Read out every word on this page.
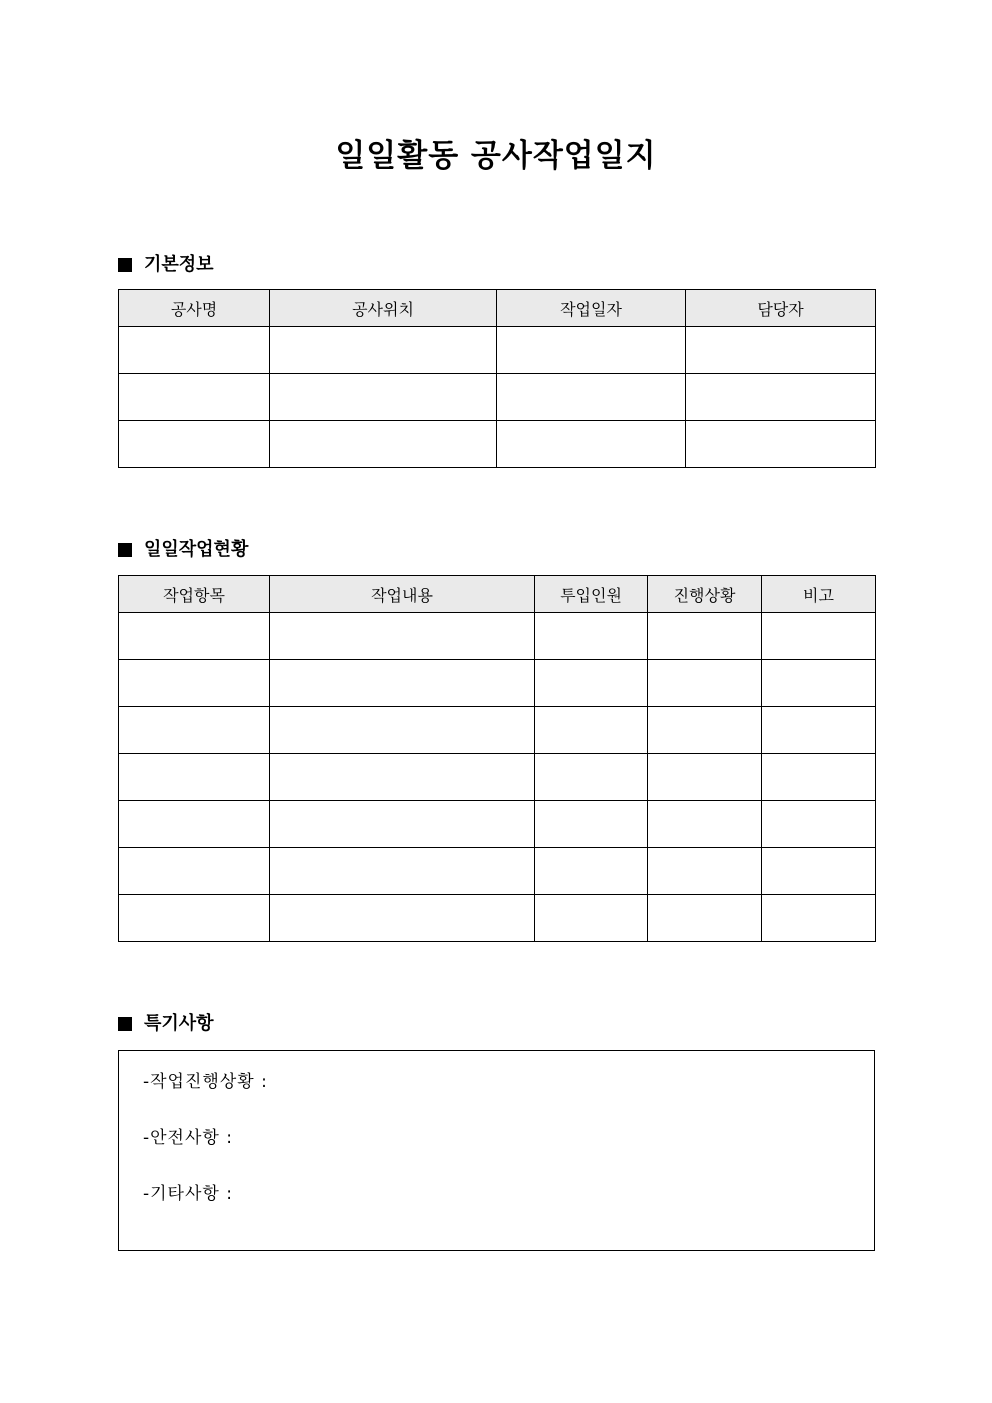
일일활동 공사작업일지
기본정보
공사명	공사위치	작업일자	담당자

일일작업현황
작업항목	작업내용	투입인원	진행상황	비고

특기사항
-작업진행상황 :
-안전사항 :
-기타사항 :
